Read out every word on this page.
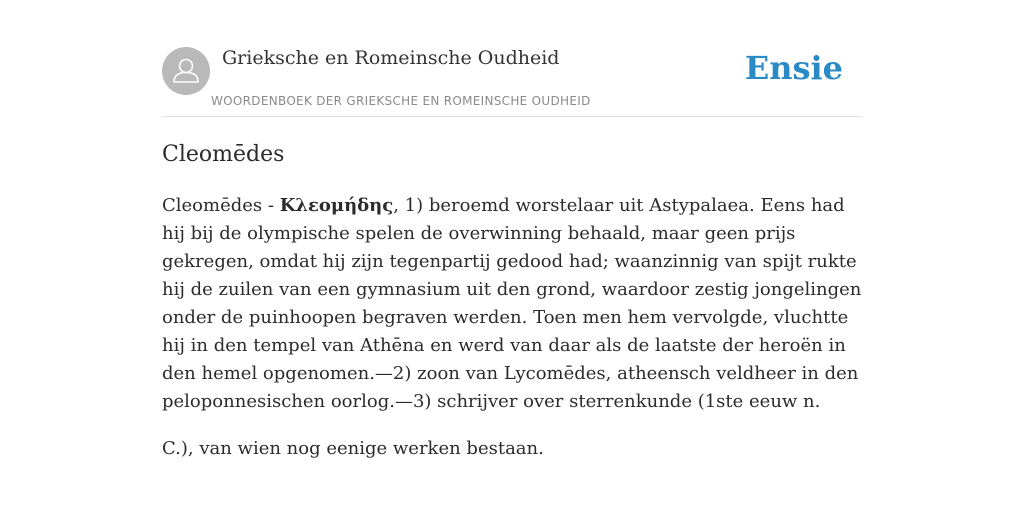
Grieksche en Romeinsche Oudheid
WOORDENBOEK DER GRIEKSCHE EN ROMEINSCHE OUDHEID
Ensie
Cleomēdes

Cleomēdes - Κλεομήδης, 1) beroemd worstelaar uit Astypalaea. Eens had hij bij de olympische spelen de overwinning behaald, maar geen prijs gekregen, omdat hij zijn tegenpartij gedood had; waanzinnig van spijt rukte hij de zuilen van een gymnasium uit den grond, waardoor zestig jongelingen onder de puinhoopen begraven werden. Toen men hem vervolgde, vluchtte hij in den tempel van Athēna en werd van daar als de laatste der heroën in den hemel opgenomen.—2) zoon van Lycomēdes, atheensch veldheer in den peloponnesischen oorlog.—3) schrijver over sterrenkunde (1ste eeuw n.

C.), van wien nog eenige werken bestaan.
